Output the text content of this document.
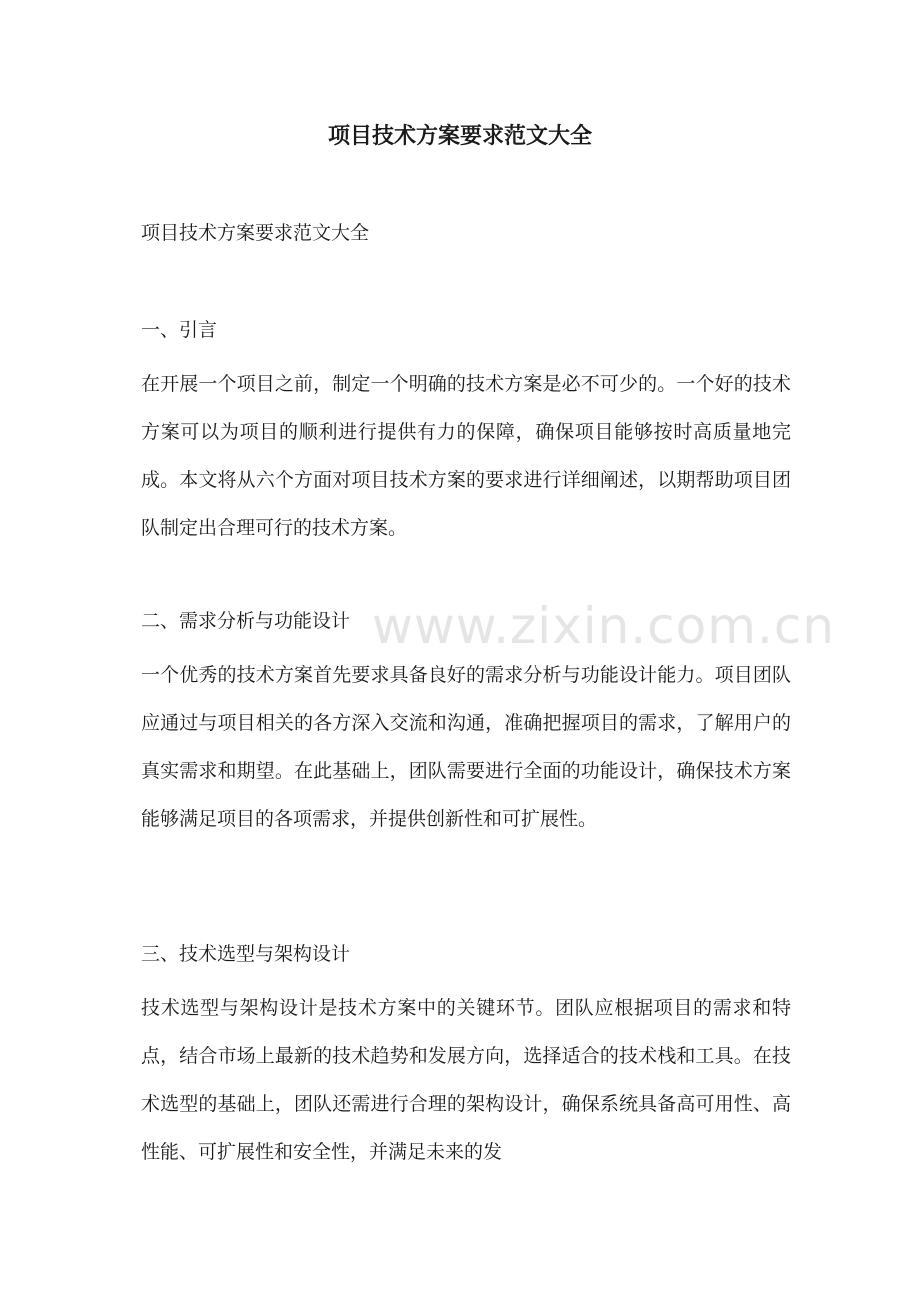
项目技术方案要求范文大全

项目技术方案要求范文大全

一、引言

在开展一个项目之前，制定一个明确的技术方案是必不可少的。一个好的技术方案可以为项目的顺利进行提供有力的保障，确保项目能够按时高质量地完成。本文将从六个方面对项目技术方案的要求进行详细阐述，以期帮助项目团队制定出合理可行的技术方案。

二、需求分析与功能设计

一个优秀的技术方案首先要求具备良好的需求分析与功能设计能力。项目团队应通过与项目相关的各方深入交流和沟通，准确把握项目的需求，了解用户的真实需求和期望。在此基础上，团队需要进行全面的功能设计，确保技术方案能够满足项目的各项需求，并提供创新性和可扩展性。

三、技术选型与架构设计

技术选型与架构设计是技术方案中的关键环节。团队应根据项目的需求和特点，结合市场上最新的技术趋势和发展方向，选择适合的技术栈和工具。在技术选型的基础上，团队还需进行合理的架构设计，确保系统具备高可用性、高性能、可扩展性和安全性，并满足未来的发

www.zixin.com.cn
